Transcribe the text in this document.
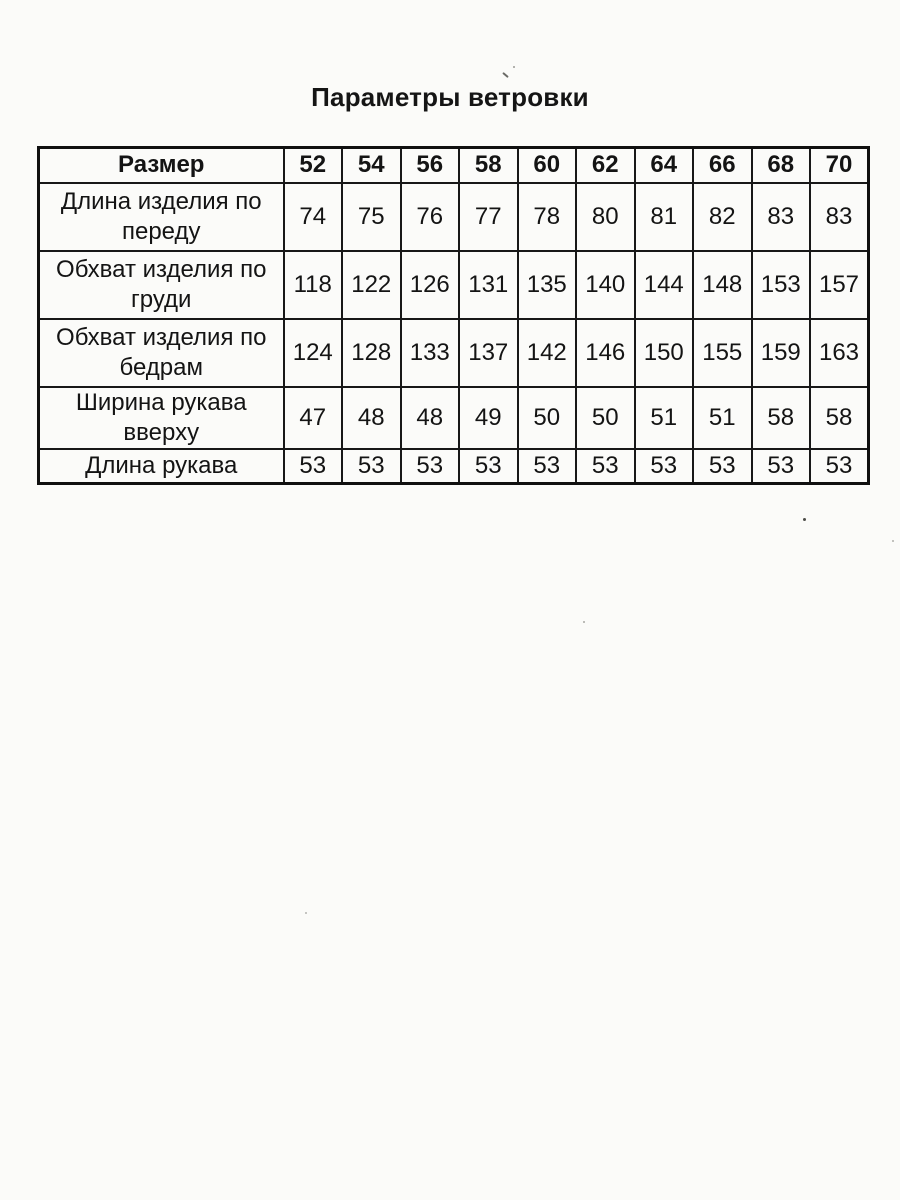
Параметры ветровки
Размер	52	54	56	58	60	62	64	66	68	70
Длина изделия по переду	74	75	76	77	78	80	81	82	83	83
Обхват изделия по груди	118	122	126	131	135	140	144	148	153	157
Обхват изделия по бедрам	124	128	133	137	142	146	150	155	159	163
Ширина рукава вверху	47	48	48	49	50	50	51	51	58	58
Длина рукава	53	53	53	53	53	53	53	53	53	53
